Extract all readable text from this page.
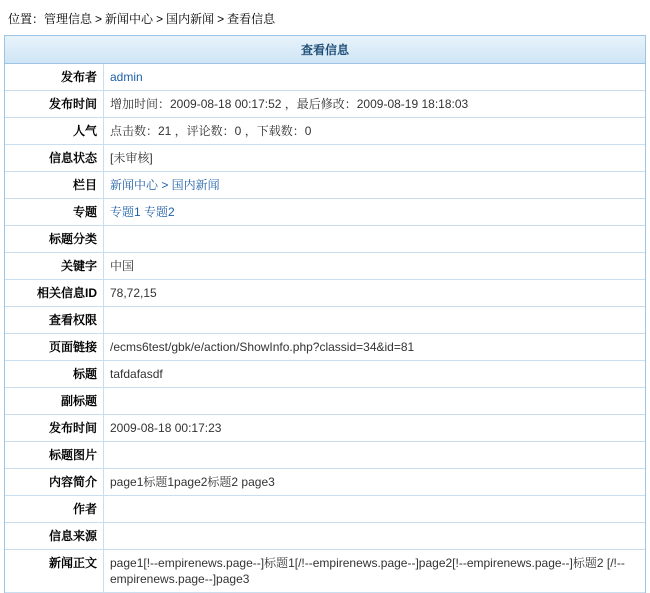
位置：管理信息 > 新闻中心 > 国内新闻 > 查看信息
查看信息
发布者	admin
发布时间	增加时间：2009-08-18 00:17:52 ，最后修改：2009-08-19 18:18:03
人气	点击数：21 ，评论数：0 ，下载数：0
信息状态	[未审核]
栏目	新闻中心 > 国内新闻
专题	专题1 专题2
标题分类	
关键字	中国
相关信息ID	78,72,15
查看权限	
页面链接	/ecms6test/gbk/e/action/ShowInfo.php?classid=34&id=81
标题	tafdafasdf
副标题	
发布时间	2009-08-18 00:17:23
标题图片	
内容简介	page1标题1page2标题2 page3
作者	
信息来源	
新闻正文	page1[!--empirenews.page--]标题1[/!--empirenews.page--]page2[!--empirenews.page--]标题2 [/!--empirenews.page--]page3
